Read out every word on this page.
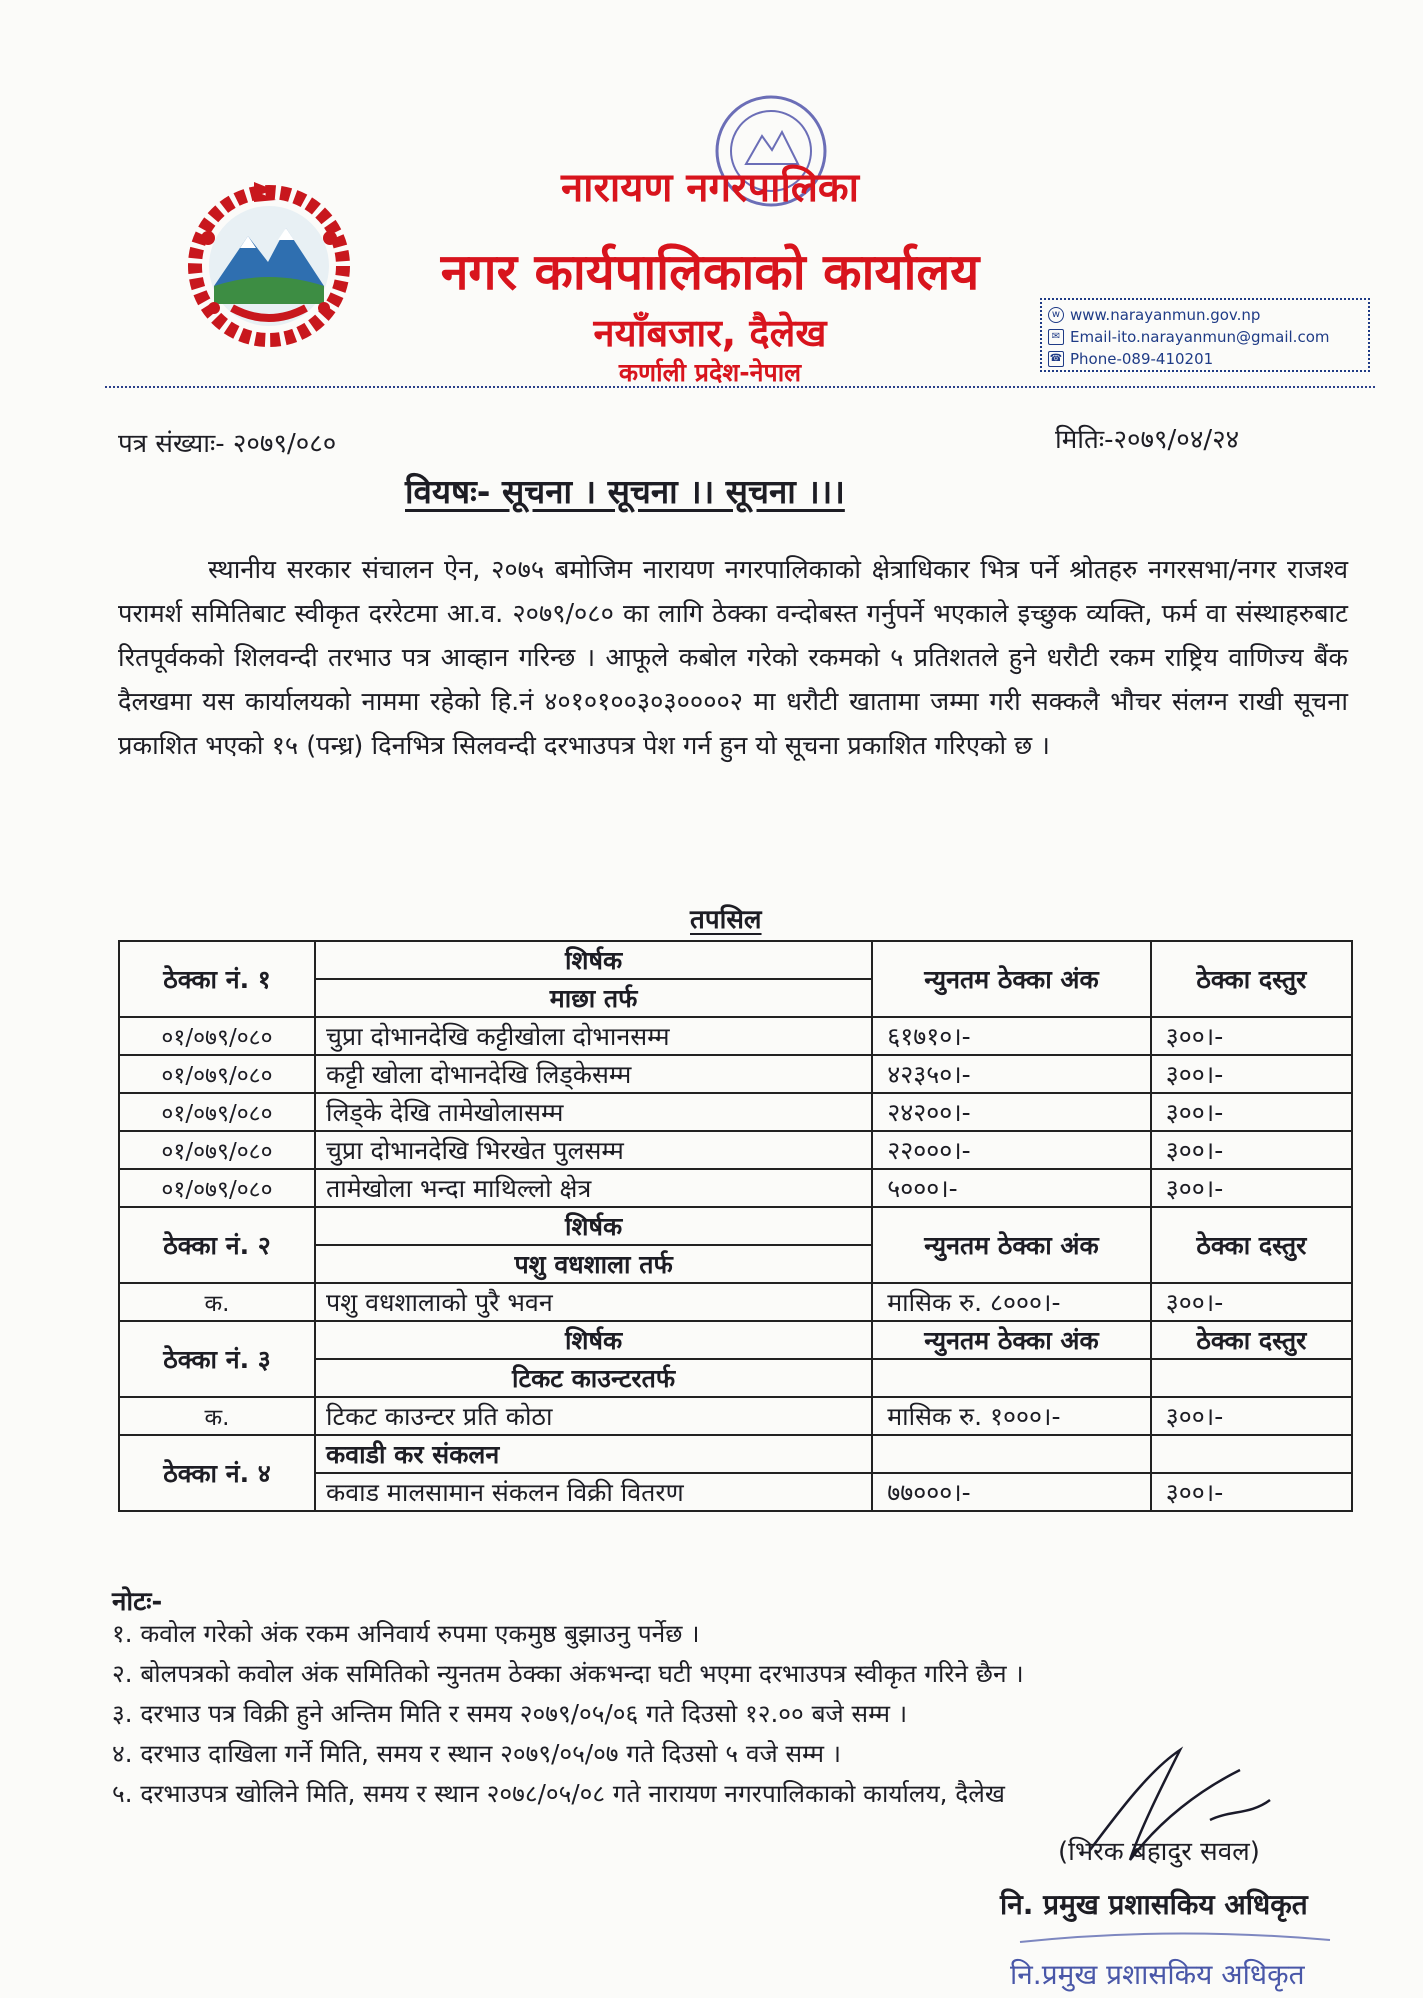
नारायण नगरपालिका
नगर कार्यपालिकाको कार्यालय
नयाँबजार, दैलेख
कर्णाली प्रदेश-नेपाल
w www.narayanmun.gov.np
✉ Email-ito.narayanmun@gmail.com
☎ Phone-089-410201
पत्र संख्याः- २०७९/०८०	मितिः-२०७९/०४/२४
वियषः- सूचना । सूचना ।। सूचना ।।।
स्थानीय सरकार संचालन ऐन, २०७५ बमोजिम नारायण नगरपालिकाको क्षेत्राधिकार भित्र पर्ने श्रोतहरु नगरसभा/नगर राजश्व परामर्श समितिबाट स्वीकृत दररेटमा आ.व. २०७९/०८० का लागि ठेक्का वन्दोबस्त गर्नुपर्ने भएकाले इच्छुक व्यक्ति, फर्म वा संस्थाहरुबाट रितपूर्वकको शिलवन्दी तरभाउ पत्र आव्हान गरिन्छ । आफूले कबोल गरेको रकमको ५ प्रतिशतले हुने धरौटी रकम राष्ट्रिय वाणिज्य बैंक दैलखमा यस कार्यालयको नाममा रहेको हि.नं ४०१०१००३०३००००२ मा धरौटी खातामा जम्मा गरी सक्कलै भौचर संलग्न राखी सूचना प्रकाशित भएको १५ (पन्ध्र) दिनभित्र सिलवन्दी दरभाउपत्र पेश गर्न हुन यो सूचना प्रकाशित गरिएको छ ।
तपसिल
ठेक्का नं. १	शिर्षक	न्युनतम ठेक्का अंक	ठेक्का दस्तुर
	माछा तर्फ		
०१/०७९/०८०	चुप्रा दोभानदेखि कट्टीखोला दोभानसम्म	६१७१०।-	३००।-
०१/०७९/०८०	कट्टी खोला दोभानदेखि लिड्केसम्म	४२३५०।-	३००।-
०१/०७९/०८०	लिड्के देखि तामेखोलासम्म	२४२००।-	३००।-
०१/०७९/०८०	चुप्रा दोभानदेखि भिरखेत पुलसम्म	२२०००।-	३००।-
०१/०७९/०८०	तामेखोला भन्दा माथिल्लो क्षेत्र	५०००।-	३००।-
ठेक्का नं. २	शिर्षक	न्युनतम ठेक्का अंक	ठेक्का दस्तुर
	पशु वधशाला तर्फ		
क.	पशु वधशालाको पुरै भवन	मासिक रु. ८०००।-	३००।-
ठेक्का नं. ३	शिर्षक	न्युनतम ठेक्का अंक	ठेक्का दस्तुर
	टिकट काउन्टरतर्फ		
क.	टिकट काउन्टर प्रति कोठा	मासिक रु. १०००।-	३००।-
ठेक्का नं. ४	कवाडी कर संकलन		
	कवाड मालसामान संकलन विक्री वितरण	७७०००।-	३००।-
नोटः-
१. कवोल गरेको अंक रकम अनिवार्य रुपमा एकमुष्ठ बुझाउनु पर्नेछ ।
२. बोलपत्रको कवोल अंक समितिको न्युनतम ठेक्का अंकभन्दा घटी भएमा दरभाउपत्र स्वीकृत गरिने छैन ।
३. दरभाउ पत्र विक्री हुने अन्तिम मिति र समय २०७९/०५/०६ गते दिउसो १२.०० बजे सम्म ।
४. दरभाउ दाखिला गर्ने मिति, समय र स्थान २०७९/०५/०७ गते दिउसो ५ वजे सम्म ।
५. दरभाउपत्र खोलिने मिति, समय र स्थान २०७८/०५/०८ गते नारायण नगरपालिकाको कार्यालय, दैलेख
(भिरक बहादुर सवल)
नि. प्रमुख प्रशासकिय अधिकृत
नि.प्रमुख प्रशासकिय अधिकृत
